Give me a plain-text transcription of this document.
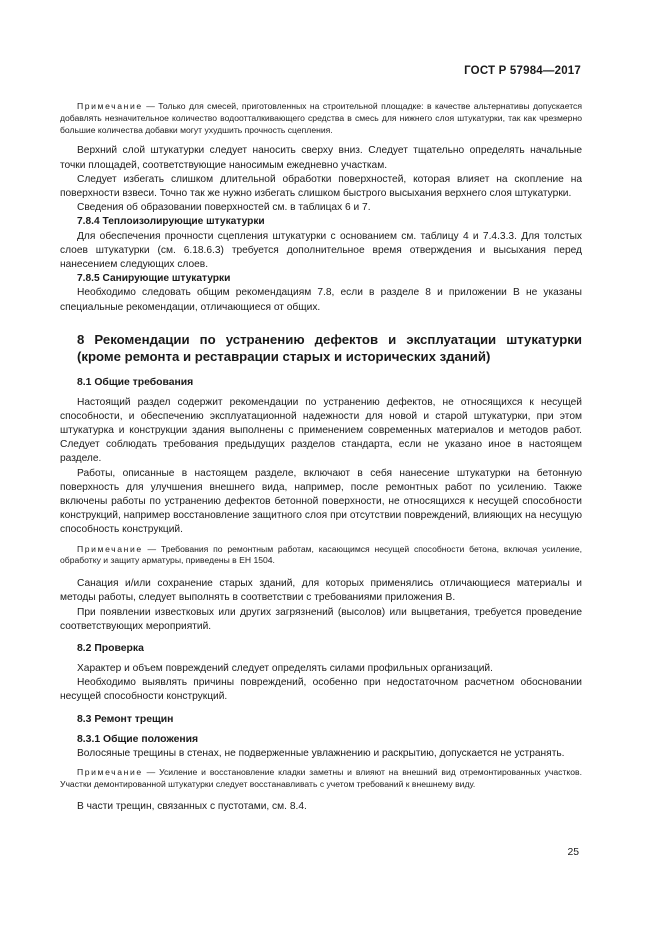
ГОСТ Р 57984—2017

Примечание — Только для смесей, приготовленных на строительной площадке: в качестве альтернативы допускается добавлять незначительное количество водоотталкивающего средства в смесь для нижнего слоя штукатурки, так как чрезмерно большие количества добавки могут ухудшить прочность сцепления.

Верхний слой штукатурки следует наносить сверху вниз. Следует тщательно определять начальные точки площадей, соответствующие наносимым ежедневно участкам.

Следует избегать слишком длительной обработки поверхностей, которая влияет на скопление на поверхности взвеси. Точно так же нужно избегать слишком быстрого высыхания верхнего слоя штукатурки.

Сведения об образовании поверхностей см. в таблицах 6 и 7.

7.8.4 Теплоизолирующие штукатурки

Для обеспечения прочности сцепления штукатурки с основанием см. таблицу 4 и 7.4.3.3. Для толстых слоев штукатурки (см. 6.18.6.3) требуется дополнительное время отверждения и высыхания перед нанесением следующих слоев.

7.8.5 Санирующие штукатурки

Необходимо следовать общим рекомендациям 7.8, если в разделе 8 и приложении В не указаны специальные рекомендации, отличающиеся от общих.

8 Рекомендации по устранению дефектов и эксплуатации штукатурки (кроме ремонта и реставрации старых и исторических зданий)

8.1 Общие требования

Настоящий раздел содержит рекомендации по устранению дефектов, не относящихся к несущей способности, и обеспечению эксплуатационной надежности для новой и старой штукатурки, при этом штукатурка и конструкции здания выполнены с применением современных материалов и методов работ. Следует соблюдать требования предыдущих разделов стандарта, если не указано иное в настоящем разделе.

Работы, описанные в настоящем разделе, включают в себя нанесение штукатурки на бетонную поверхность для улучшения внешнего вида, например, после ремонтных работ по усилению. Также включены работы по устранению дефектов бетонной поверхности, не относящихся к несущей способности конструкций, например восстановление защитного слоя при отсутствии повреждений, влияющих на несущую способность конструкций.

Примечание — Требования по ремонтным работам, касающимся несущей способности бетона, включая усиление, обработку и защиту арматуры, приведены в ЕН 1504.

Санация и/или сохранение старых зданий, для которых применялись отличающиеся материалы и методы работы, следует выполнять в соответствии с требованиями приложения В.

При появлении известковых или других загрязнений (высолов) или выцветания, требуется проведение соответствующих мероприятий.

8.2 Проверка

Характер и объем повреждений следует определять силами профильных организаций.

Необходимо выявлять причины повреждений, особенно при недостаточном расчетном обосновании несущей способности конструкций.

8.3 Ремонт трещин

8.3.1 Общие положения

Волосяные трещины в стенах, не подверженные увлажнению и раскрытию, допускается не устранять.

Примечание — Усиление и восстановление кладки заметны и влияют на внешний вид отремонтированных участков. Участки демонтированной штукатурки следует восстанавливать с учетом требований к внешнему виду.

В части трещин, связанных с пустотами, см. 8.4.

25
